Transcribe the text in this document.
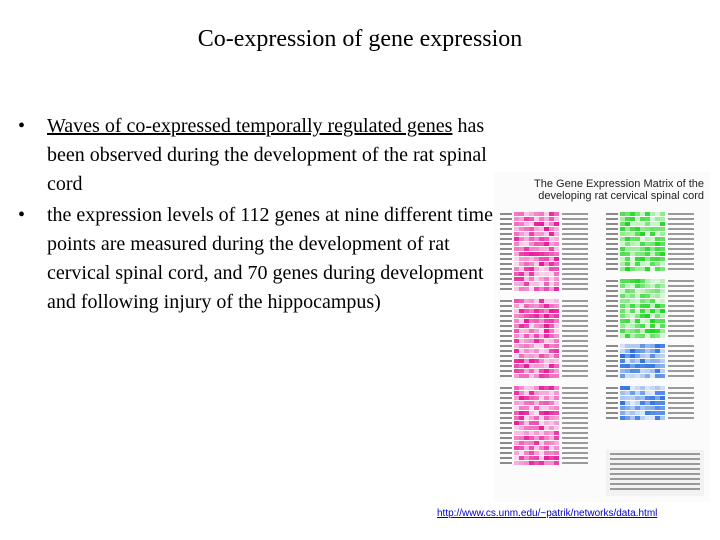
Co-expression of gene expression
• Waves of co-expressed temporally regulated genes has been observed during the development of the rat spinal cord
• the expression levels of 112 genes at nine different time points are measured during the development of rat cervical spinal cord, and 70 genes during development and following injury of the hippocampus)
The Gene Expression Matrix of the developing rat cervical spinal cord
http://www.cs.unm.edu/~patrik/networks/data.html
